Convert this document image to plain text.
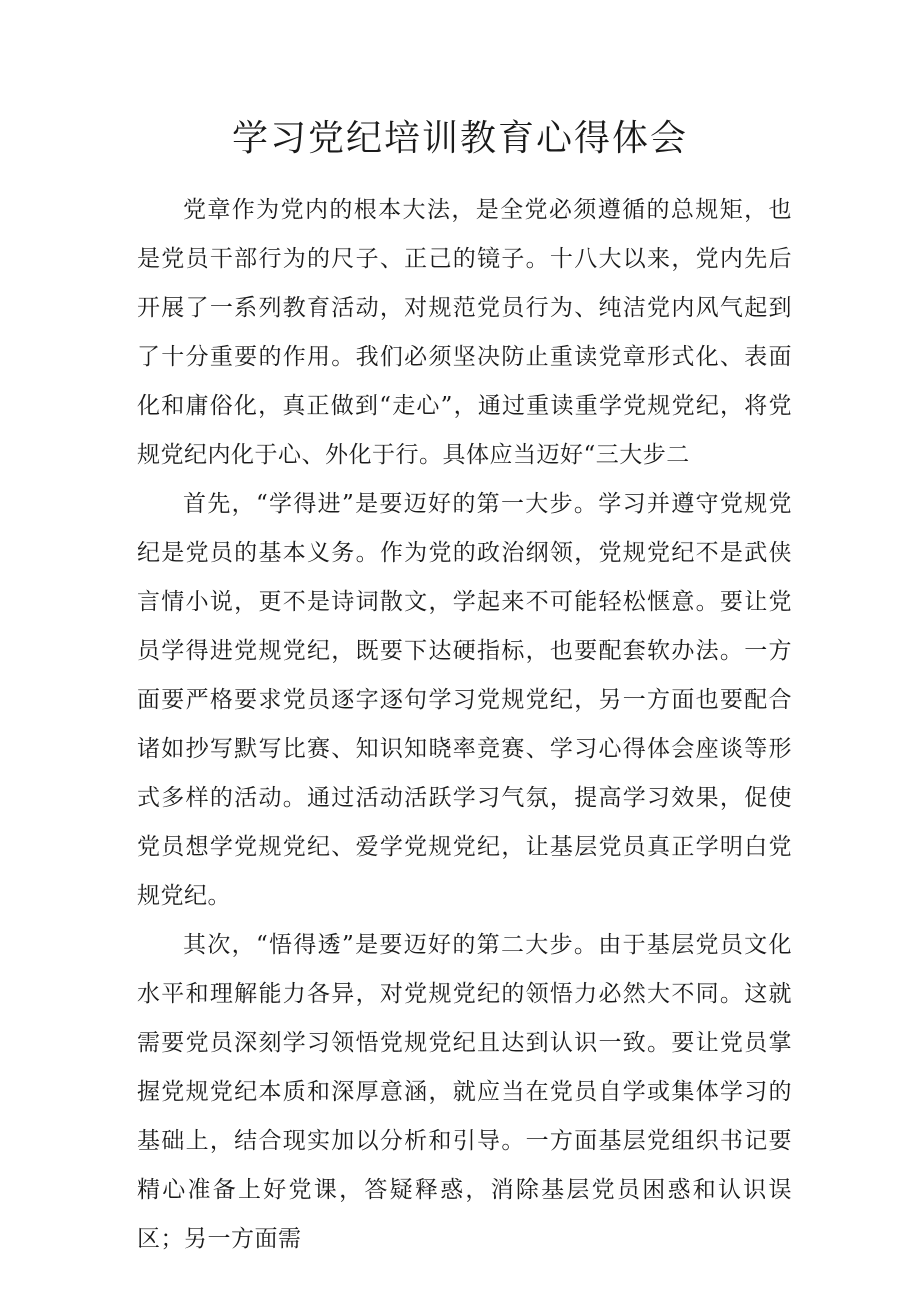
学习党纪培训教育心得体会

党章作为党内的根本大法，是全党必须遵循的总规矩，也是党员干部行为的尺子、正己的镜子。十八大以来，党内先后开展了一系列教育活动，对规范党员行为、纯洁党内风气起到了十分重要的作用。我们必须坚决防止重读党章形式化、表面化和庸俗化，真正做到“走心”，通过重读重学党规党纪，将党规党纪内化于心、外化于行。具体应当迈好“三大步二

首先，“学得进”是要迈好的第一大步。学习并遵守党规党纪是党员的基本义务。作为党的政治纲领，党规党纪不是武侠言情小说，更不是诗词散文，学起来不可能轻松惬意。要让党员学得进党规党纪，既要下达硬指标，也要配套软办法。一方面要严格要求党员逐字逐句学习党规党纪，另一方面也要配合诸如抄写默写比赛、知识知晓率竞赛、学习心得体会座谈等形式多样的活动。通过活动活跃学习气氛，提高学习效果，促使党员想学党规党纪、爱学党规党纪，让基层党员真正学明白党规党纪。

其次，“悟得透”是要迈好的第二大步。由于基层党员文化水平和理解能力各异，对党规党纪的领悟力必然大不同。这就需要党员深刻学习领悟党规党纪且达到认识一致。要让党员掌握党规党纪本质和深厚意涵，就应当在党员自学或集体学习的基础上，结合现实加以分析和引导。一方面基层党组织书记要精心准备上好党课，答疑释惑，消除基层党员困惑和认识误区；另一方面需
